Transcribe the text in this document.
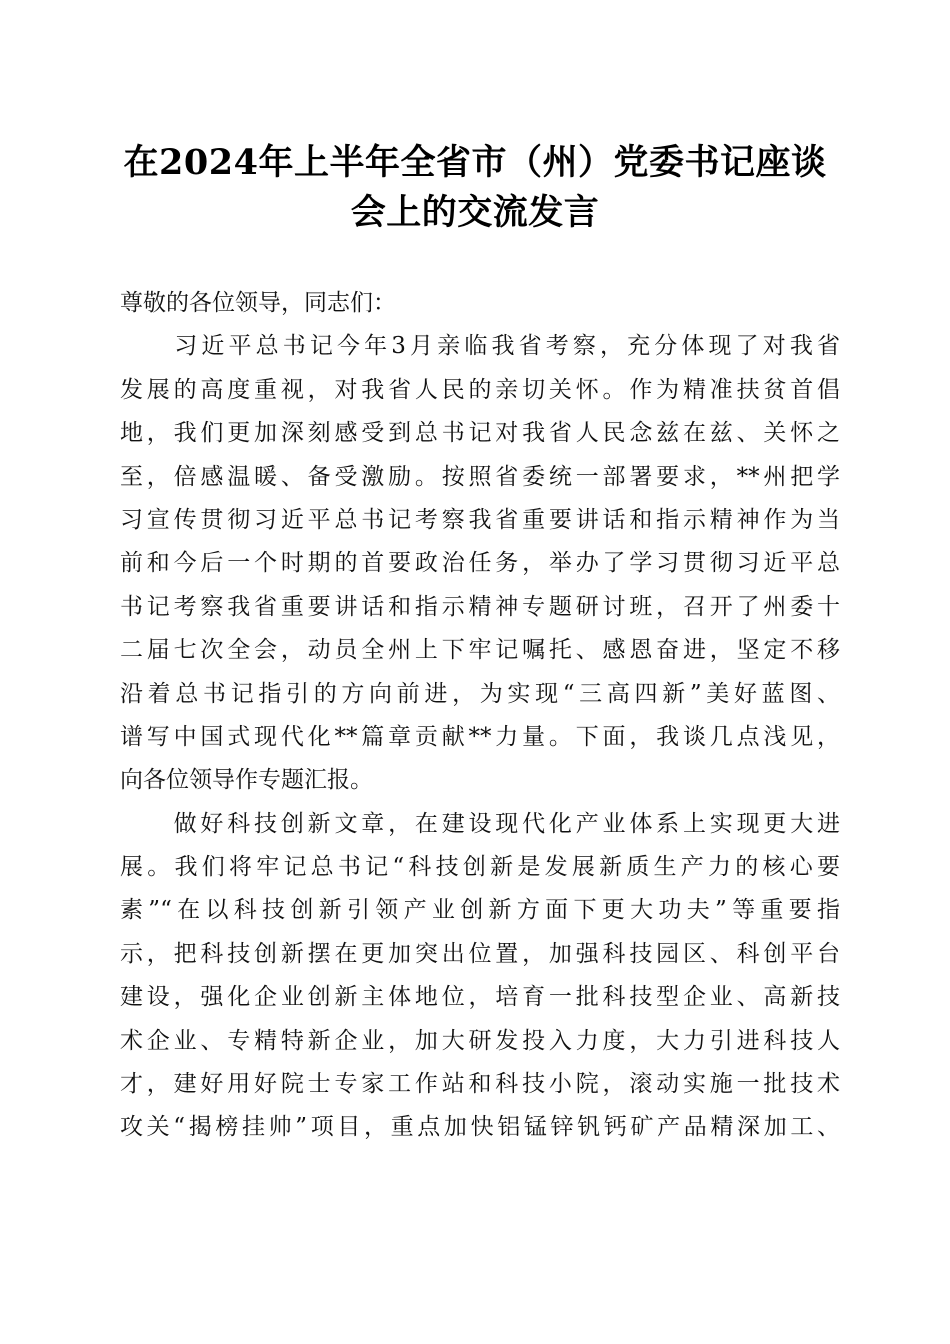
在2024年上半年全省市（州）党委书记座谈
会上的交流发言
尊敬的各位领导，同志们：
　　习近平总书记今年3月亲临我省考察，充分体现了对我省
发展的高度重视，对我省人民的亲切关怀。作为精准扶贫首倡
地，我们更加深刻感受到总书记对我省人民念兹在兹、关怀之
至，倍感温暖、备受激励。按照省委统一部署要求，**州把学
习宣传贯彻习近平总书记考察我省重要讲话和指示精神作为当
前和今后一个时期的首要政治任务，举办了学习贯彻习近平总
书记考察我省重要讲话和指示精神专题研讨班，召开了州委十
二届七次全会，动员全州上下牢记嘱托、感恩奋进，坚定不移
沿着总书记指引的方向前进，为实现“三高四新”美好蓝图、
谱写中国式现代化**篇章贡献**力量。下面，我谈几点浅见，
向各位领导作专题汇报。
　　做好科技创新文章，在建设现代化产业体系上实现更大进
展。我们将牢记总书记“科技创新是发展新质生产力的核心要
素”“在以科技创新引领产业创新方面下更大功夫”等重要指
示，把科技创新摆在更加突出位置，加强科技园区、科创平台
建设，强化企业创新主体地位，培育一批科技型企业、高新技
术企业、专精特新企业，加大研发投入力度，大力引进科技人
才，建好用好院士专家工作站和科技小院，滚动实施一批技术
攻关“揭榜挂帅”项目，重点加快铝锰锌钒钙矿产品精深加工、
